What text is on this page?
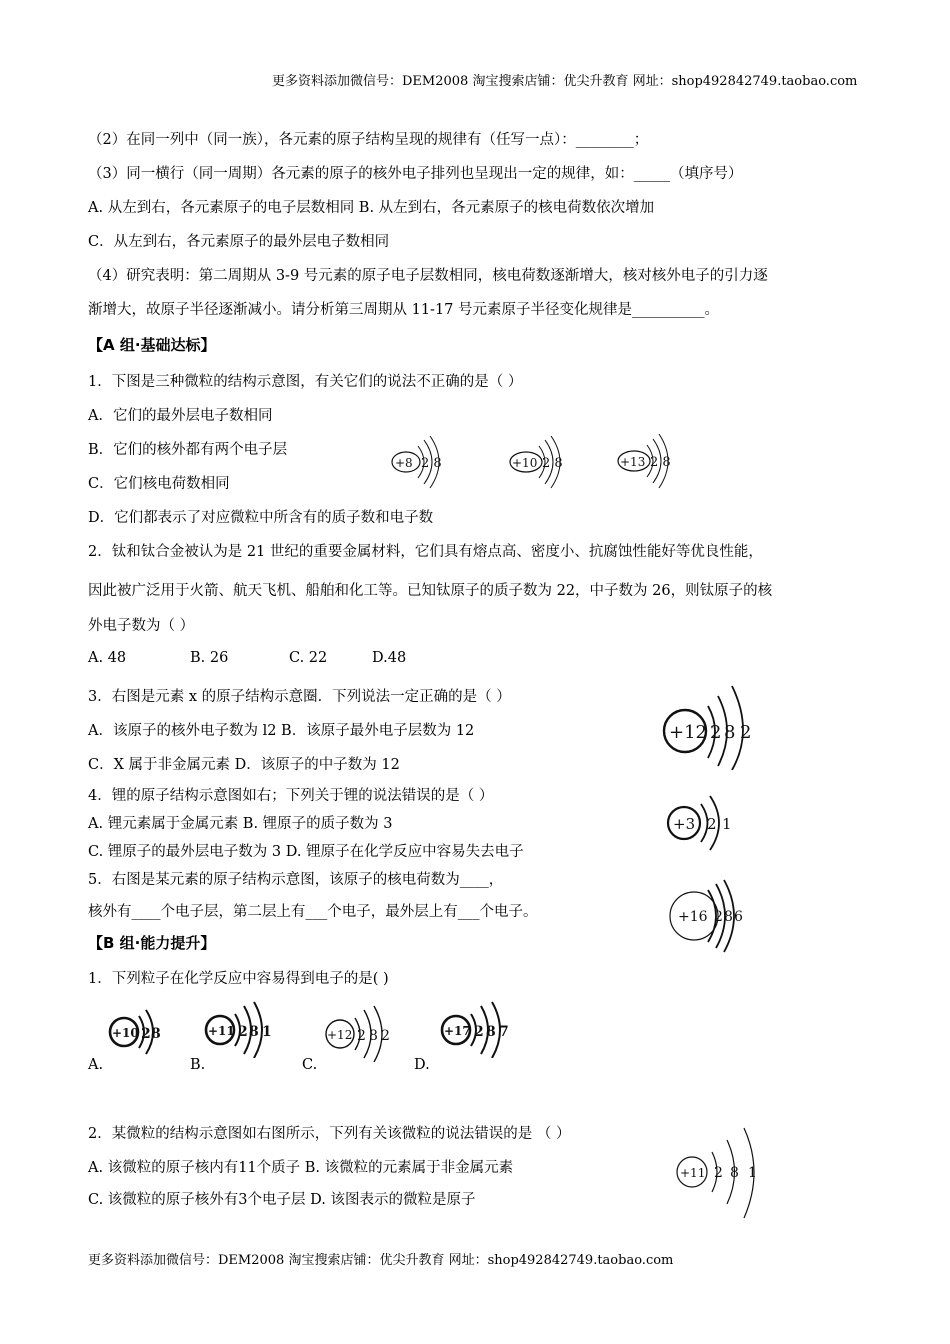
更多资料添加微信号：DEM2008 淘宝搜索店铺：优尖升教育 网址：shop492842749.taobao.com
（2）在同一列中（同一族），各元素的原子结构呈现的规律有（任写一点）：________；
（3）同一横行（同一周期）各元素的原子的核外电子排列也呈现出一定的规律，如：_____（填序号）
A. 从左到右，各元素原子的电子层数相同 B. 从左到右，各元素原子的核电荷数依次增加
C．从左到右，各元素原子的最外层电子数相同
（4）研究表明：第二周期从 3-9 号元素的原子电子层数相同，核电荷数逐渐增大，核对核外电子的引力逐
渐增大，故原子半径逐渐减小。请分析第三周期从 11-17 号元素原子半径变化规律是__________。
【A 组·基础达标】
1．下图是三种微粒的结构示意图，有关它们的说法不正确的是（ ）
A．它们的最外层电子数相同
B．它们的核外都有两个电子层
C．它们核电荷数相同
D．它们都表示了对应微粒中所含有的质子数和电子数
+8 2 8	+10 2 8	+13 2 8
2．钛和钛合金被认为是 21 世纪的重要金属材料，它们具有熔点高、密度小、抗腐蚀性能好等优良性能，
因此被广泛用于火箭、航天飞机、船舶和化工等。已知钛原子的质子数为 22，中子数为 26，则钛原子的核
外电子数为（ ）
A. 48	B. 26	C. 22	D.48
3．右图是元素 x 的原子结构示意圈．下列说法一定正确的是（ ）
A．该原子的核外电子数为 l2 B．该原子最外电子层数为 12
C．X 属于非金属元素 D．该原子的中子数为 12
+12 2 8 2
4．锂的原子结构示意图如右；下列关于锂的说法错误的是（ ）
A. 锂元素属于金属元素 B. 锂原子的质子数为 3
C. 锂原子的最外层电子数为 3 D. 锂原子在化学反应中容易失去电子
+3 2 1
5．右图是某元素的原子结构示意图，该原子的核电荷数为____，
核外有____个电子层，第二层上有___个电子，最外层上有___个电子。	+16 2 8 6
【B 组·能力提升】
1．下列粒子在化学反应中容易得到电子的是( )
+10 2 8	+11 2 8 1	+12 2 8 2	+17 2 8 7
A.	B.	C.	D.
2．某微粒的结构示意图如右图所示，下列有关该微粒的说法错误的是 （ ）
A. 该微粒的原子核内有11个质子 B. 该微粒的元素属于非金属元素
C. 该微粒的原子核外有3个电子层 D. 该图表示的微粒是原子
+11 2 8 1
更多资料添加微信号：DEM2008 淘宝搜索店铺：优尖升教育 网址：shop492842749.taobao.com
